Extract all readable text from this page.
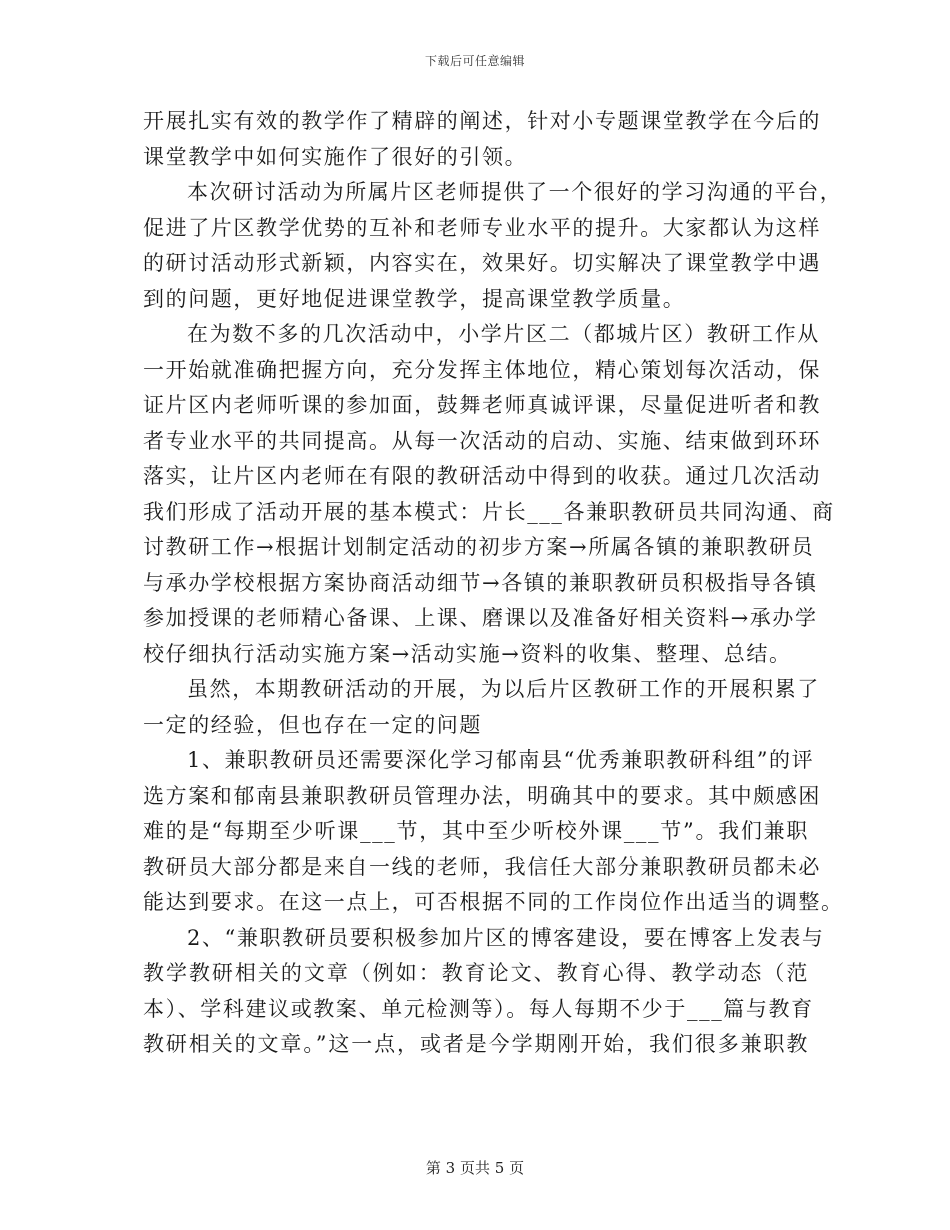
下载后可任意编辑
开展扎实有效的教学作了精辟的阐述，针对小专题课堂教学在今后的
课堂教学中如何实施作了很好的引领。
本次研讨活动为所属片区老师提供了一个很好的学习沟通的平台，
促进了片区教学优势的互补和老师专业水平的提升。大家都认为这样
的研讨活动形式新颖，内容实在，效果好。切实解决了课堂教学中遇
到的问题，更好地促进课堂教学，提高课堂教学质量。
在为数不多的几次活动中，小学片区二（都城片区）教研工作从
一开始就准确把握方向，充分发挥主体地位，精心策划每次活动，保
证片区内老师听课的参加面，鼓舞老师真诚评课，尽量促进听者和教
者专业水平的共同提高。从每一次活动的启动、实施、结束做到环环
落实，让片区内老师在有限的教研活动中得到的收获。通过几次活动
我们形成了活动开展的基本模式：片长___各兼职教研员共同沟通、商
讨教研工作→根据计划制定活动的初步方案→所属各镇的兼职教研员
与承办学校根据方案协商活动细节→各镇的兼职教研员积极指导各镇
参加授课的老师精心备课、上课、磨课以及准备好相关资料→承办学
校仔细执行活动实施方案→活动实施→资料的收集、整理、总结。
虽然，本期教研活动的开展，为以后片区教研工作的开展积累了
一定的经验，但也存在一定的问题
1、兼职教研员还需要深化学习郁南县“优秀兼职教研科组”的评
选方案和郁南县兼职教研员管理办法，明确其中的要求。其中颇感困
难的是“每期至少听课___节，其中至少听校外课___节”。我们兼职
教研员大部分都是来自一线的老师，我信任大部分兼职教研员都未必
能达到要求。在这一点上，可否根据不同的工作岗位作出适当的调整。
2、“兼职教研员要积极参加片区的博客建设，要在博客上发表与
教学教研相关的文章（例如：教育论文、教育心得、教学动态（范
本）、学科建议或教案、单元检测等）。每人每期不少于___篇与教育
教研相关的文章。”这一点，或者是今学期刚开始，我们很多兼职教
第 3 页共 5 页
